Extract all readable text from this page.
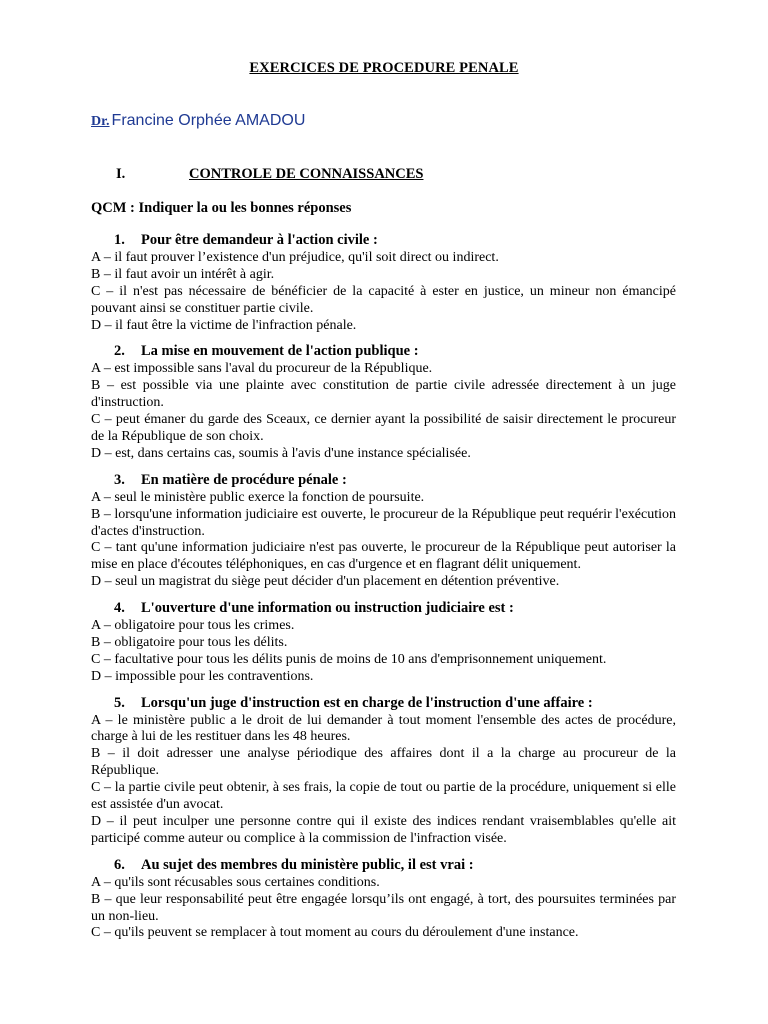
EXERCICES DE PROCEDURE PENALE
Dr. Francine Orphée AMADOU
I.	CONTROLE DE CONNAISSANCES
QCM : Indiquer la ou les bonnes réponses
1. Pour être demandeur à l'action civile :
A – il faut prouver l’existence d'un préjudice, qu'il soit direct ou indirect.
B – il faut avoir un intérêt à agir.
C – il n'est pas nécessaire de bénéficier de la capacité à ester en justice, un mineur non émancipé pouvant ainsi se constituer partie civile.
D – il faut être la victime de l'infraction pénale.
2. La mise en mouvement de l'action publique :
A – est impossible sans l'aval du procureur de la République.
B – est possible via une plainte avec constitution de partie civile adressée directement à un juge d'instruction.
C – peut émaner du garde des Sceaux, ce dernier ayant la possibilité de saisir directement le procureur de la République de son choix.
D – est, dans certains cas, soumis à l'avis d'une instance spécialisée.
3. En matière de procédure pénale :
A – seul le ministère public exerce la fonction de poursuite.
B – lorsqu'une information judiciaire est ouverte, le procureur de la République peut requérir l'exécution d'actes d'instruction.
C – tant qu'une information judiciaire n'est pas ouverte, le procureur de la République peut autoriser la mise en place d'écoutes téléphoniques, en cas d'urgence et en flagrant délit uniquement.
D – seul un magistrat du siège peut décider d'un placement en détention préventive.
4. L'ouverture d'une information ou instruction judiciaire est :
A – obligatoire pour tous les crimes.
B – obligatoire pour tous les délits.
C – facultative pour tous les délits punis de moins de 10 ans d'emprisonnement uniquement.
D – impossible pour les contraventions.
5. Lorsqu'un juge d'instruction est en charge de l'instruction d'une affaire :
A – le ministère public a le droit de lui demander à tout moment l'ensemble des actes de procédure, charge à lui de les restituer dans les 48 heures.
B – il doit adresser une analyse périodique des affaires dont il a la charge au procureur de la République.
C – la partie civile peut obtenir, à ses frais, la copie de tout ou partie de la procédure, uniquement si elle est assistée d'un avocat.
D – il peut inculper une personne contre qui il existe des indices rendant vraisemblables qu'elle ait participé comme auteur ou complice à la commission de l'infraction visée.
6. Au sujet des membres du ministère public, il est vrai :
A – qu'ils sont récusables sous certaines conditions.
B – que leur responsabilité peut être engagée lorsqu’ils ont engagé, à tort, des poursuites terminées par un non-lieu.
C – qu'ils peuvent se remplacer à tout moment au cours du déroulement d'une instance.
